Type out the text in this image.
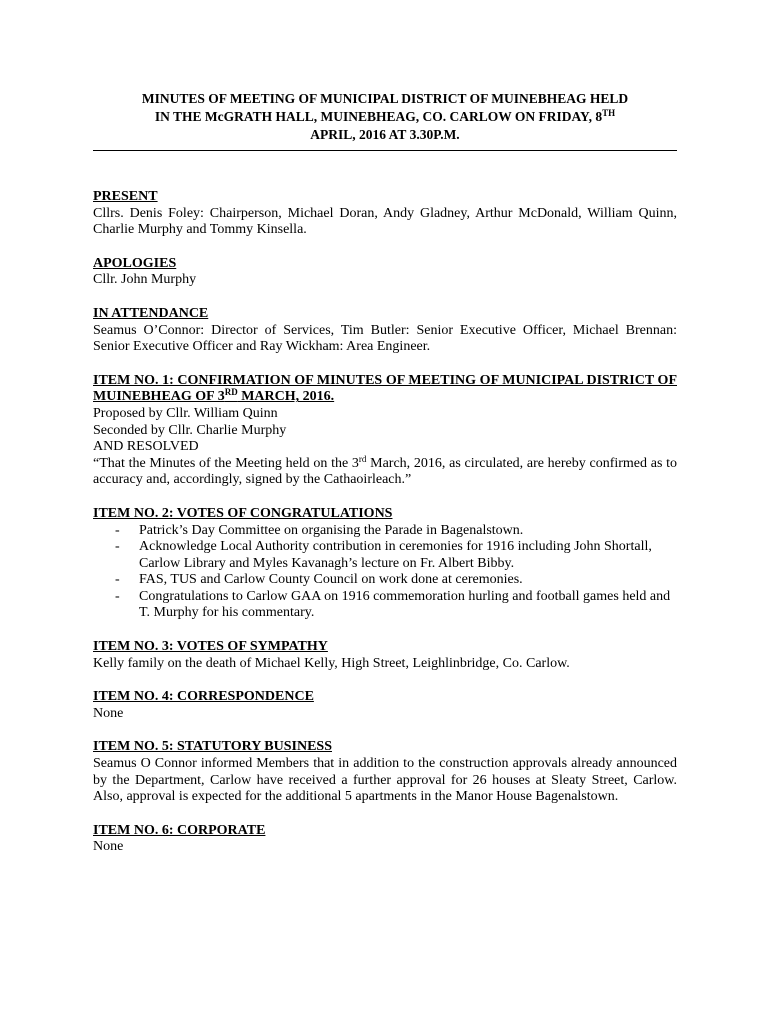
MINUTES OF MEETING OF MUNICIPAL DISTRICT OF MUINEBHEAG HELD
IN THE McGRATH HALL, MUINEBHEAG, CO. CARLOW ON FRIDAY, 8TH
APRIL, 2016 AT 3.30P.M.
PRESENT
Cllrs. Denis Foley: Chairperson, Michael Doran, Andy Gladney, Arthur McDonald, William Quinn, Charlie Murphy and Tommy Kinsella.
APOLOGIES
Cllr. John Murphy
IN ATTENDANCE
Seamus O’Connor: Director of Services, Tim Butler: Senior Executive Officer, Michael Brennan: Senior Executive Officer and Ray Wickham: Area Engineer.
ITEM NO. 1: CONFIRMATION OF MINUTES OF MEETING OF MUNICIPAL DISTRICT OF MUINEBHEAG OF 3RD MARCH, 2016.
Proposed by Cllr. William Quinn
Seconded by Cllr. Charlie Murphy
AND RESOLVED
“That the Minutes of the Meeting held on the 3rd March, 2016, as circulated, are hereby confirmed as to accuracy and, accordingly, signed by the Cathaoirleach.”
ITEM NO. 2: VOTES OF CONGRATULATIONS
- Patrick’s Day Committee on organising the Parade in Bagenalstown.
- Acknowledge Local Authority contribution in ceremonies for 1916 including John Shortall, Carlow Library and Myles Kavanagh’s lecture on Fr. Albert Bibby.
- FAS, TUS and Carlow County Council on work done at ceremonies.
- Congratulations to Carlow GAA on 1916 commemoration hurling and football games held and T. Murphy for his commentary.
ITEM NO. 3: VOTES OF SYMPATHY
Kelly family on the death of Michael Kelly, High Street, Leighlinbridge, Co. Carlow.
ITEM NO. 4: CORRESPONDENCE
None
ITEM NO. 5: STATUTORY BUSINESS
Seamus O Connor informed Members that in addition to the construction approvals already announced by the Department, Carlow have received a further approval for 26 houses at Sleaty Street, Carlow. Also, approval is expected for the additional 5 apartments in the Manor House Bagenalstown.
ITEM NO. 6: CORPORATE
None
